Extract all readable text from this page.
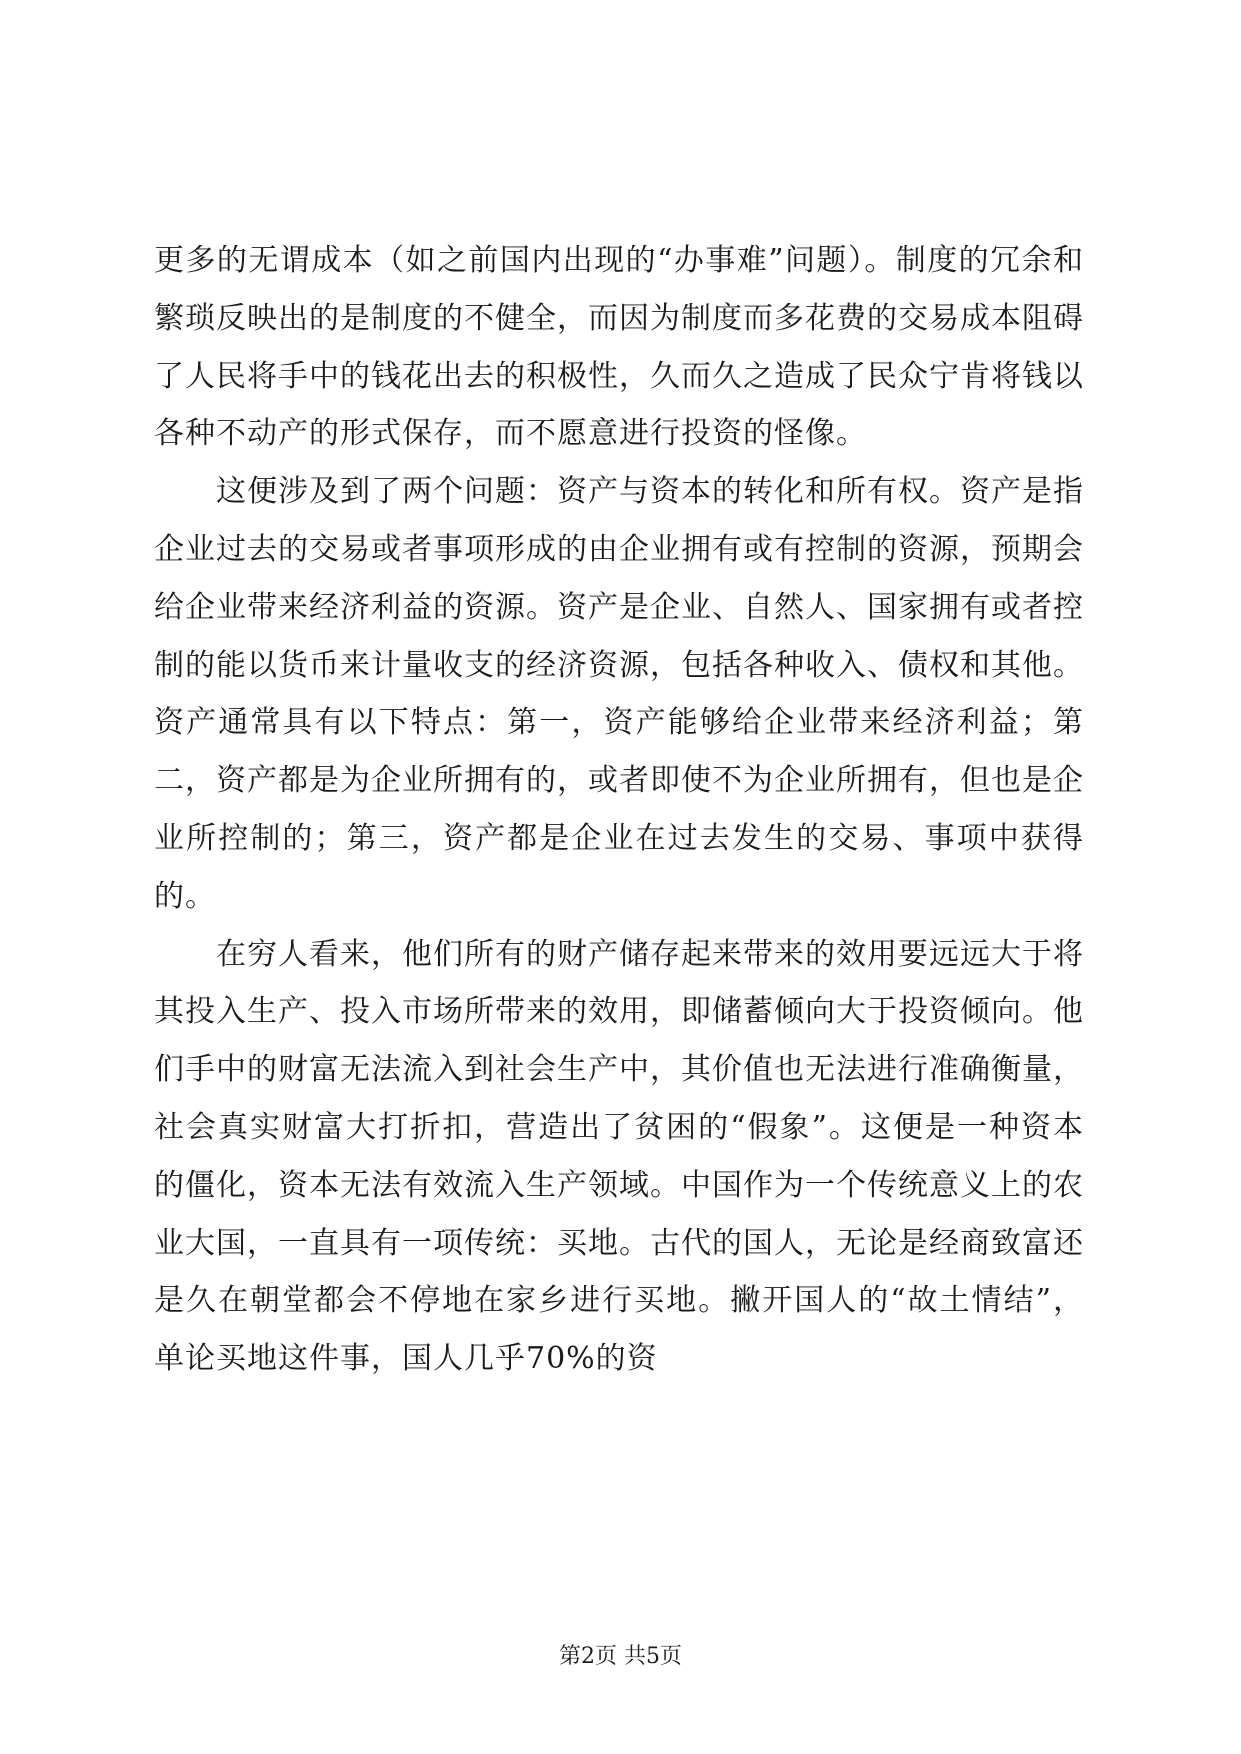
更多的无谓成本（如之前国内出现的“办事难”问题）。制度的冗余和繁琐反映出的是制度的不健全，而因为制度而多花费的交易成本阻碍了人民将手中的钱花出去的积极性，久而久之造成了民众宁肯将钱以各种不动产的形式保存，而不愿意进行投资的怪像。

这便涉及到了两个问题：资产与资本的转化和所有权。资产是指企业过去的交易或者事项形成的由企业拥有或有控制的资源，预期会给企业带来经济利益的资源。资产是企业、自然人、国家拥有或者控制的能以货币来计量收支的经济资源，包括各种收入、债权和其他。资产通常具有以下特点：第一，资产能够给企业带来经济利益；第二，资产都是为企业所拥有的，或者即使不为企业所拥有，但也是企业所控制的；第三，资产都是企业在过去发生的交易、事项中获得的。

在穷人看来，他们所有的财产储存起来带来的效用要远远大于将其投入生产、投入市场所带来的效用，即储蓄倾向大于投资倾向。他们手中的财富无法流入到社会生产中，其价值也无法进行准确衡量，社会真实财富大打折扣，营造出了贫困的“假象”。这便是一种资本的僵化，资本无法有效流入生产领域。中国作为一个传统意义上的农业大国，一直具有一项传统：买地。古代的国人，无论是经商致富还是久在朝堂都会不停地在家乡进行买地。撇开国人的“故土情结”，单论买地这件事，国人几乎70%的资

第2页 共5页
